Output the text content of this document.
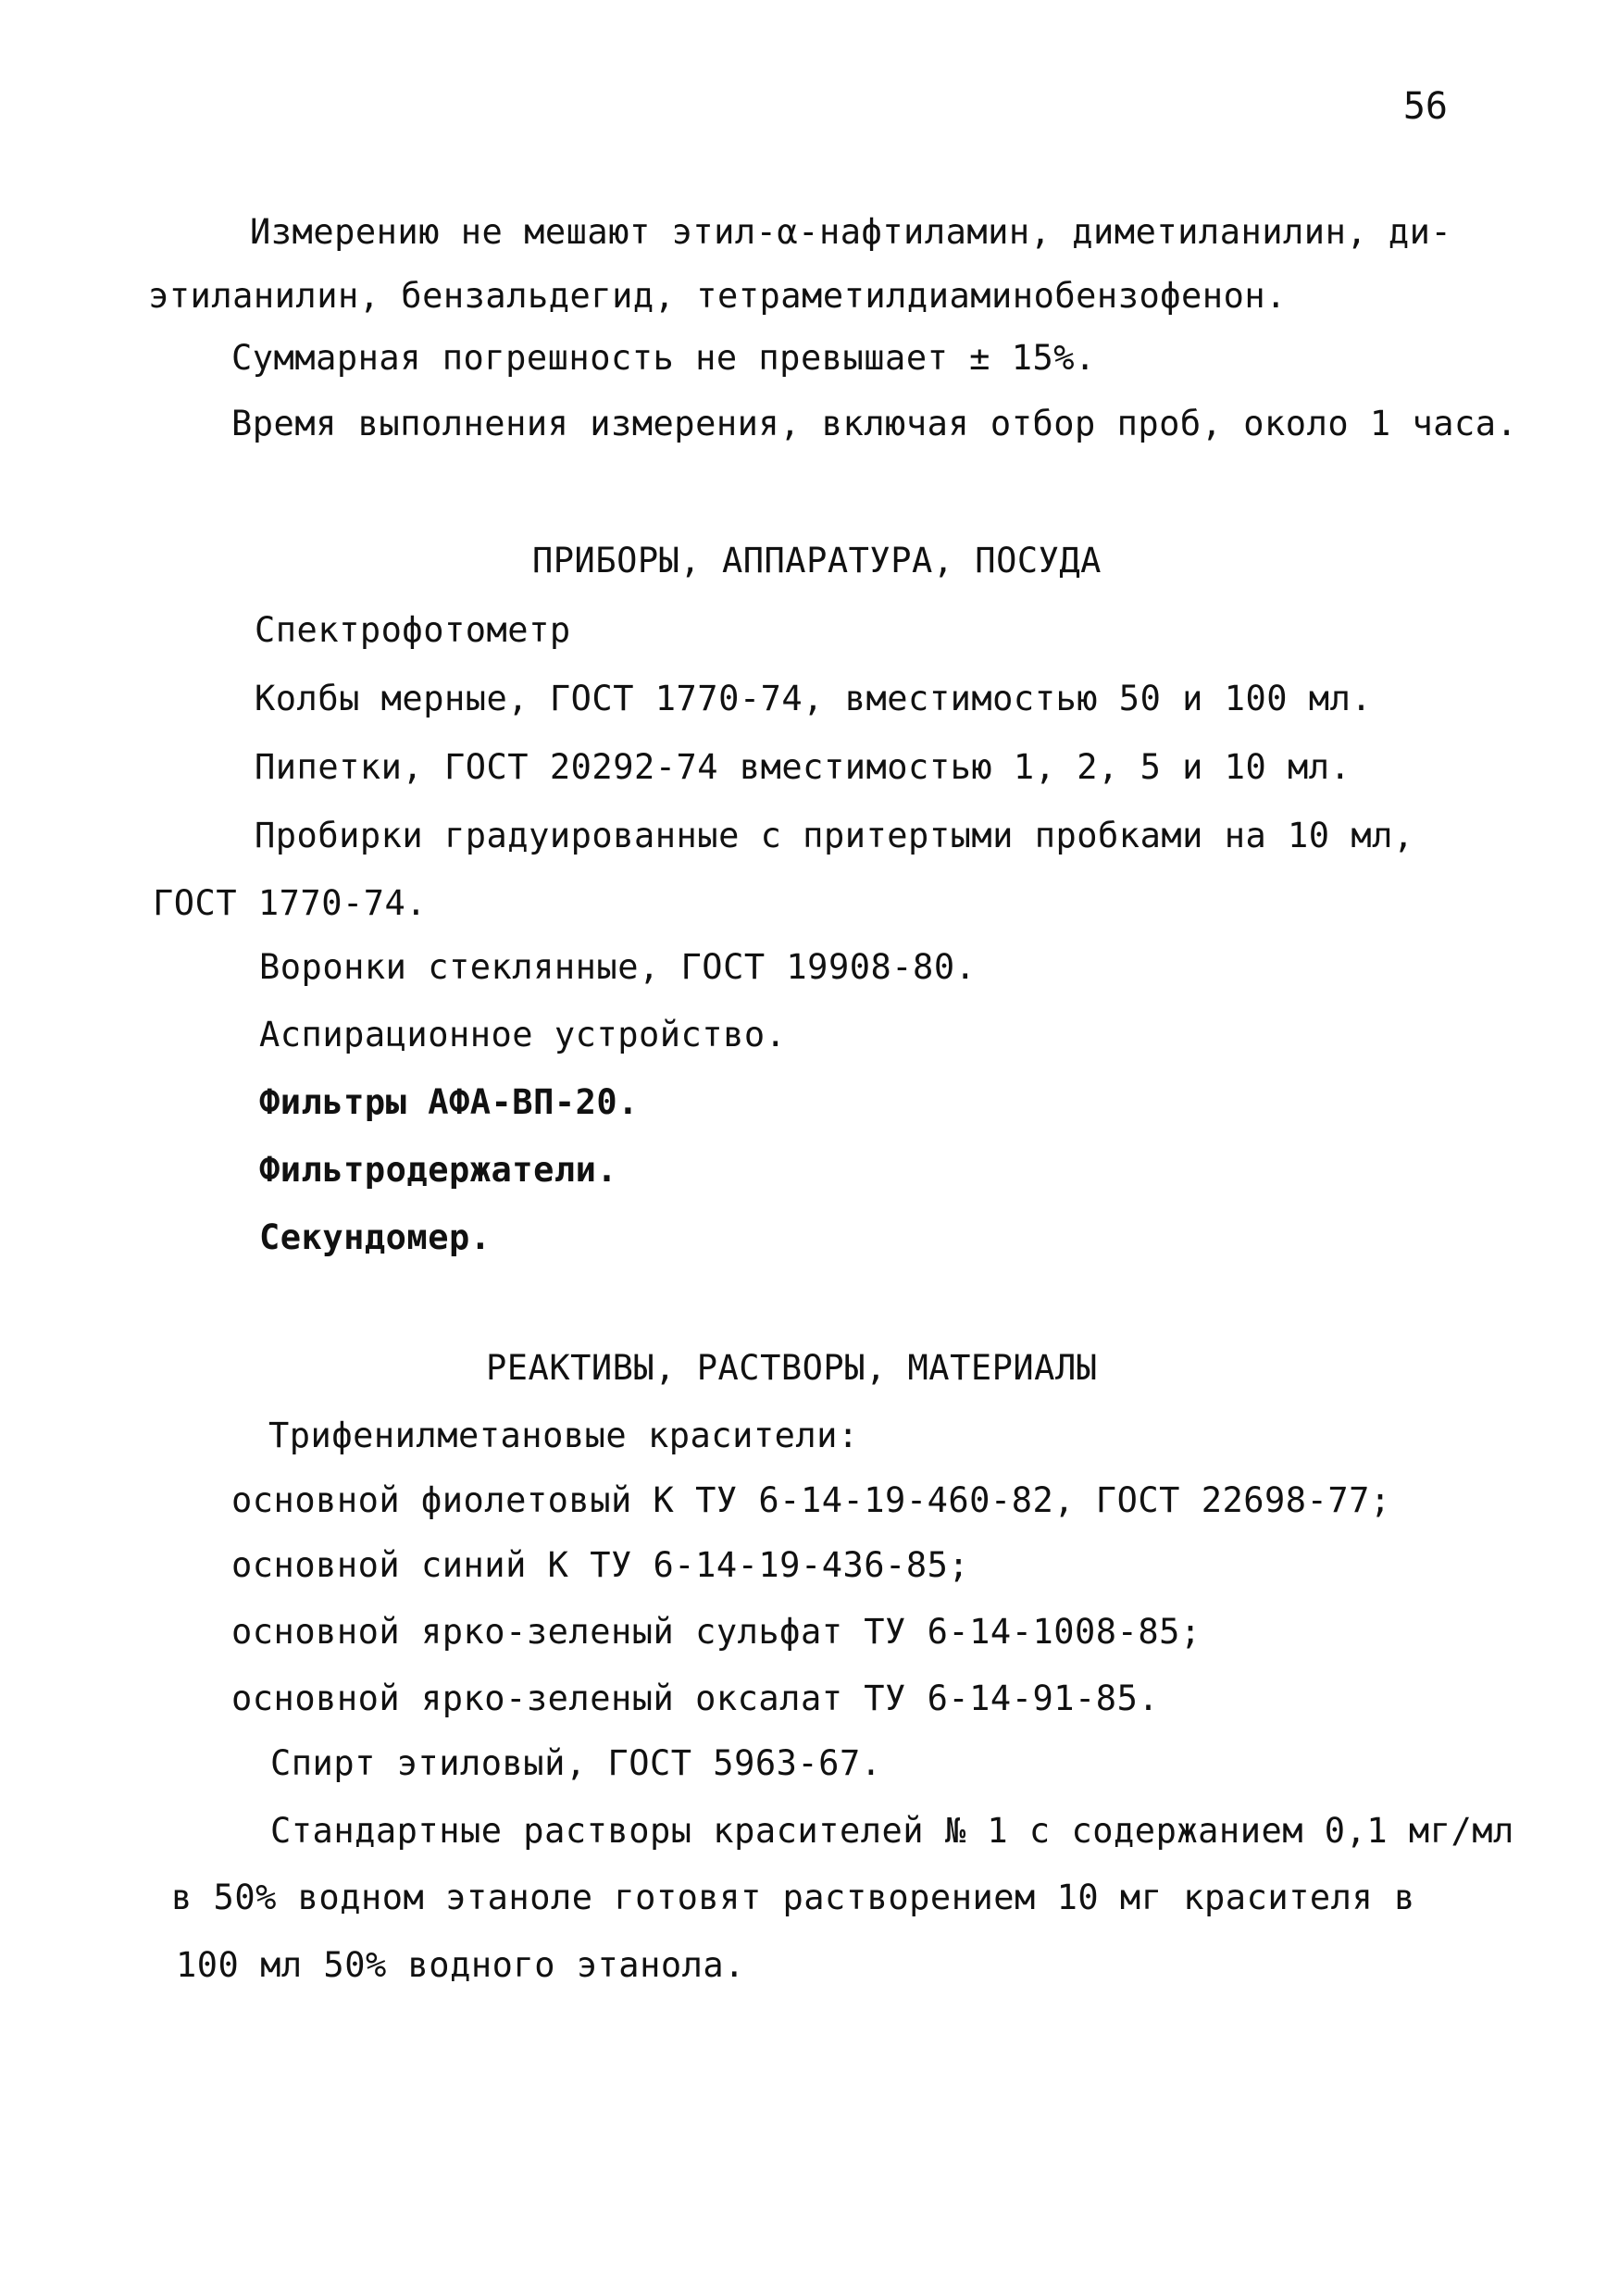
56
Измерению не мешают этил-α-нафтиламин, диметиланилин, ди-
этиланилин, бензальдегид, тетраметилдиаминобензофенон.
Суммарная погрешность не превышает ± 15%.
Время выполнения измерения, включая отбор проб, около 1 часа.
ПРИБОРЫ, АППАРАТУРА, ПОСУДА
Спектрофотометр
Колбы мерные, ГОСТ 1770-74, вместимостью 50 и 100 мл.
Пипетки, ГОСТ 20292-74 вместимостью 1, 2, 5 и 10 мл.
Пробирки градуированные с притертыми пробками на 10 мл,
ГОСТ 1770-74.
Воронки стеклянные, ГОСТ 19908-80.
Аспирационное устройство.
Фильтры АФА-ВП-20.
Фильтродержатели.
Секундомер.
РЕАКТИВЫ, РАСТВОРЫ, МАТЕРИАЛЫ
Трифенилметановые красители:
основной фиолетовый К ТУ 6-14-19-460-82, ГОСТ 22698-77;
основной синий К ТУ 6-14-19-436-85;
основной ярко-зеленый сульфат ТУ 6-14-1008-85;
основной ярко-зеленый оксалат ТУ 6-14-91-85.
Спирт этиловый, ГОСТ 5963-67.
Стандартные растворы красителей № 1 с содержанием 0,1 мг/мл
в 50% водном этаноле готовят растворением 10 мг красителя в
100 мл 50% водного этанола.
